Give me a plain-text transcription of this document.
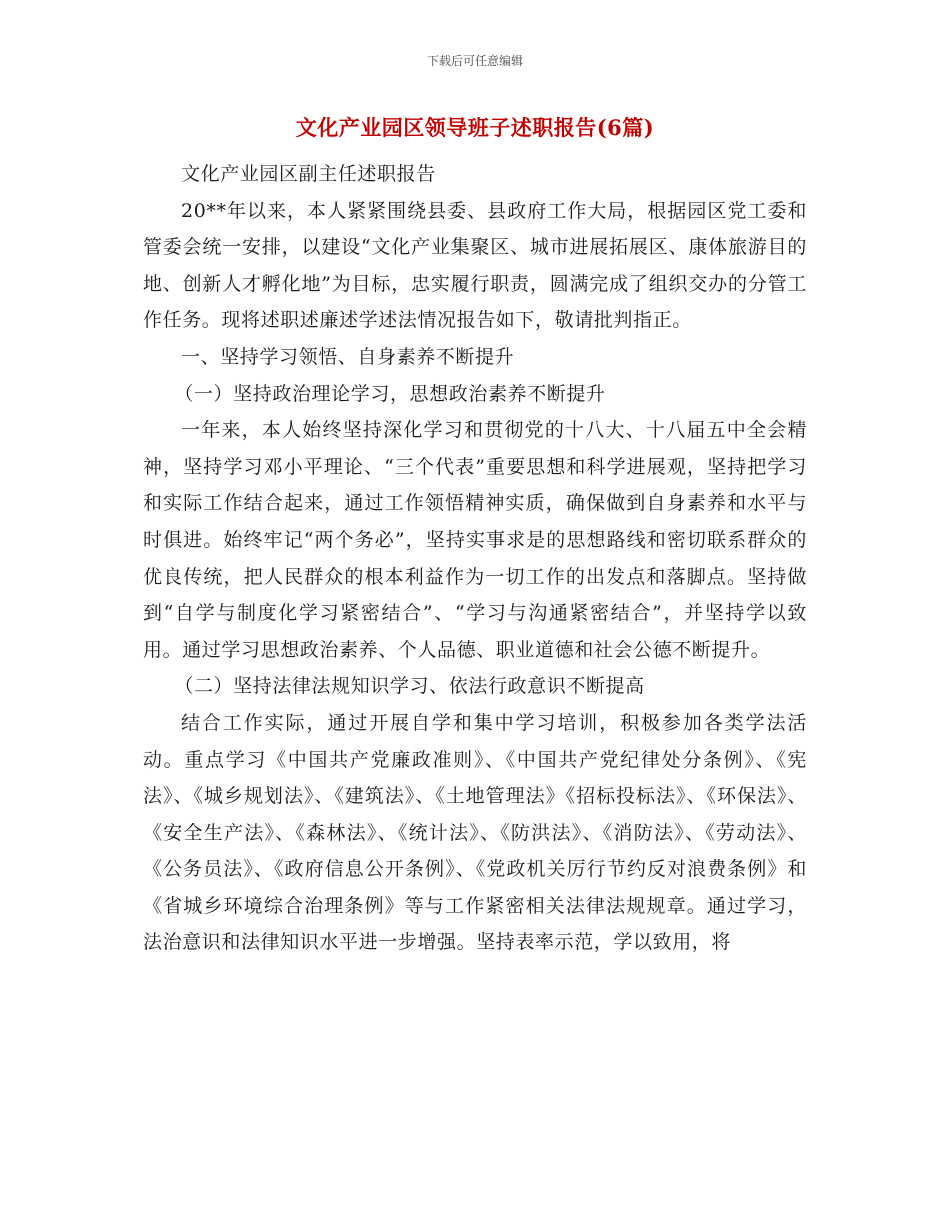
下载后可任意编辑
文化产业园区领导班子述职报告(6篇)

文化产业园区副主任述职报告

20**年以来，本人紧紧围绕县委、县政府工作大局，根据园区党工委和管委会统一安排，以建设“文化产业集聚区、城市进展拓展区、康体旅游目的地、创新人才孵化地”为目标，忠实履行职责，圆满完成了组织交办的分管工作任务。现将述职述廉述学述法情况报告如下，敬请批判指正。

一、坚持学习领悟、自身素养不断提升

（一）坚持政治理论学习，思想政治素养不断提升

一年来，本人始终坚持深化学习和贯彻党的十八大、十八届五中全会精神，坚持学习邓小平理论、“三个代表”重要思想和科学进展观，坚持把学习和实际工作结合起来，通过工作领悟精神实质，确保做到自身素养和水平与时俱进。始终牢记“两个务必”，坚持实事求是的思想路线和密切联系群众的优良传统，把人民群众的根本利益作为一切工作的出发点和落脚点。坚持做到“自学与制度化学习紧密结合”、“学习与沟通紧密结合”，并坚持学以致用。通过学习思想政治素养、个人品德、职业道德和社会公德不断提升。

（二）坚持法律法规知识学习、依法行政意识不断提高

结合工作实际，通过开展自学和集中学习培训，积极参加各类学法活动。重点学习《中国共产党廉政准则》、《中国共产党纪律处分条例》、《宪法》、《城乡规划法》、《建筑法》、《土地管理法》《招标投标法》、《环保法》、《安全生产法》、《森林法》、《统计法》、《防洪法》、《消防法》、《劳动法》、《公务员法》、《政府信息公开条例》、《党政机关厉行节约反对浪费条例》和《省城乡环境综合治理条例》等与工作紧密相关法律法规规章。通过学习，法治意识和法律知识水平进一步增强。坚持表率示范，学以致用，将
